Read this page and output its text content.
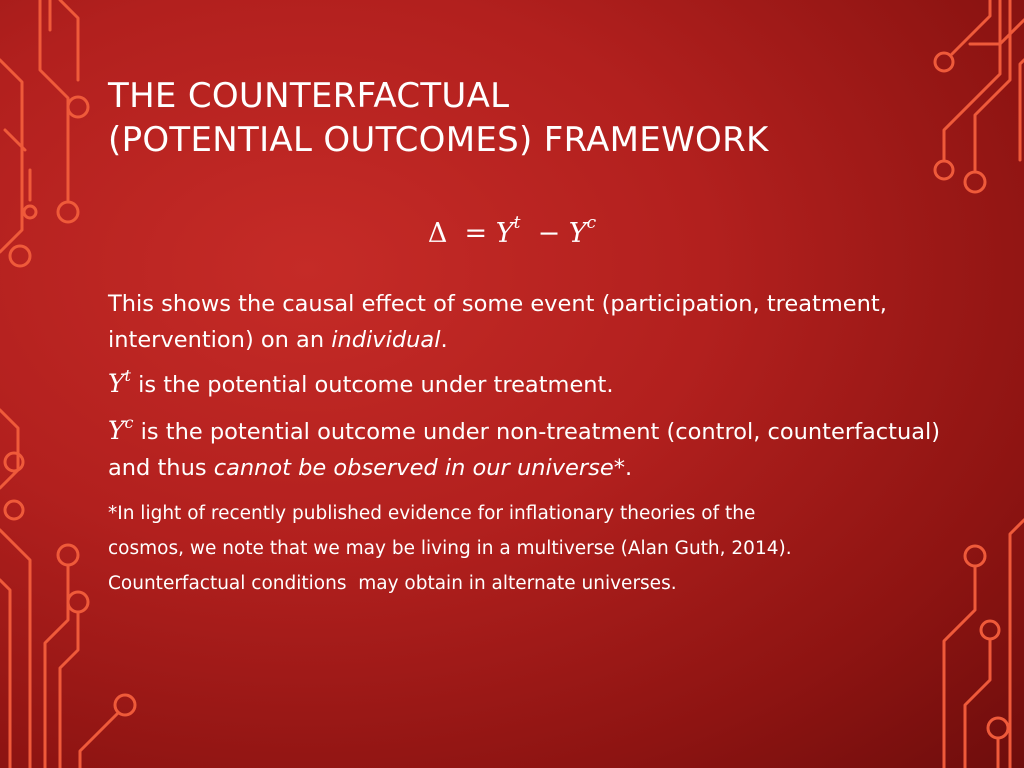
THE COUNTERFACTUAL
(POTENTIAL OUTCOMES) FRAMEWORK
$\Delta = Y^t - Y^c$

This shows the causal effect of some event (participation, treatment, intervention) on an individual.

$Y^t$ is the potential outcome under treatment.

$Y^c$ is the potential outcome under non-treatment (control, counterfactual) and thus cannot be observed in our universe*.

*In light of recently published evidence for inflationary theories of the
cosmos, we note that we may be living in a multiverse (Alan Guth, 2014).
Counterfactual conditions  may obtain in alternate universes.
